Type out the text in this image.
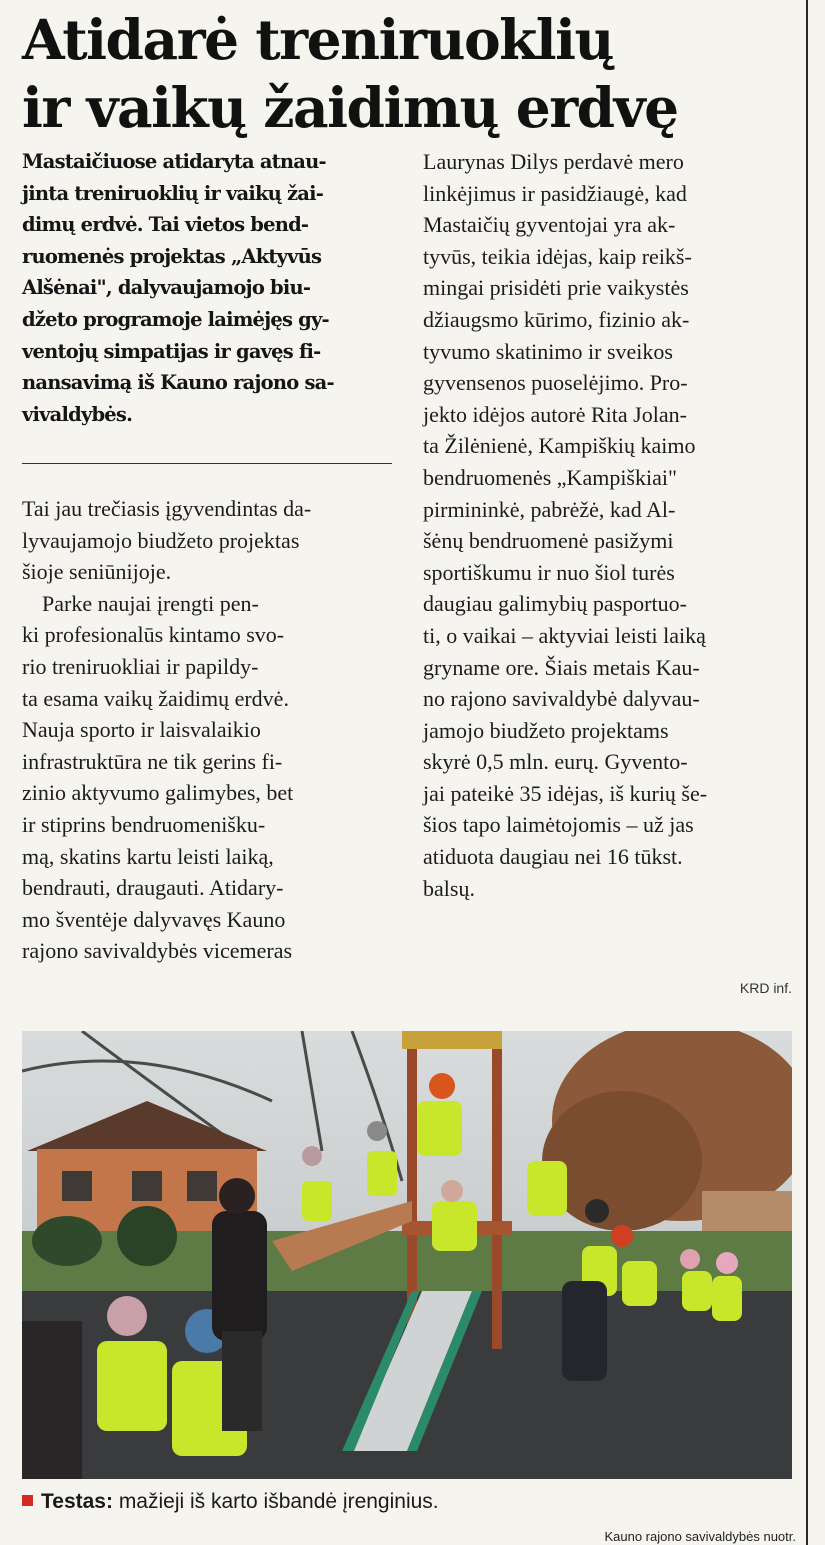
Atidarė treniruoklių
ir vaikų žaidimų erdvę
Mastaičiuose atidaryta atnau-
jinta treniruoklių ir vaikų žai-
dimų erdvė. Tai vietos bend-
ruomenės projektas „Aktyvūs
Alšėnai", dalyvaujamojo biu-
džeto programoje laimėjęs gy-
ventojų simpatijas ir gavęs fi-
nansavimą iš Kauno rajono sa-
vivaldybės.
Tai jau trečiasis įgyvendintas da-
lyvaujamojo biudžeto projektas
šioje seniūnijoje.
Parke naujai įrengti pen-
ki profesionalūs kintamo svo-
rio treniruokliai ir papildy-
ta esama vaikų žaidimų erdvė.
Nauja sporto ir laisvalaikio
infrastruktūra ne tik gerins fi-
zinio aktyvumo galimybes, bet
ir stiprins bendruomenišku-
mą, skatins kartu leisti laiką,
bendrauti, draugauti. Atidary-
mo šventėje dalyvavęs Kauno
rajono savivaldybės vicemeras
Laurynas Dilys perdavė mero
linkėjimus ir pasidžiaugė, kad
Mastaičių gyventojai yra ak-
tyvūs, teikia idėjas, kaip reikš-
mingai prisidėti prie vaikystės
džiaugsmo kūrimo, fizinio ak-
tyvumo skatinimo ir sveikos
gyvensenos puoselėjimo. Pro-
jekto idėjos autorė Rita Jolan-
ta Žilėnienė, Kampiškių kaimo
bendruomenės „Kampiškiai"
pirmininkė, pabrėžė, kad Al-
šėnų bendruomenė pasižymi
sportiškumu ir nuo šiol turės
daugiau galimybių pasportuo-
ti, o vaikai – aktyviai leisti laiką
gryname ore. Šiais metais Kau-
no rajono savivaldybė dalyvau-
jamojo biudžeto projektams
skyrė 0,5 mln. eurų. Gyvento-
jai pateikė 35 idėjas, iš kurių še-
šios tapo laimėtojomis – už jas
atiduota daugiau nei 16 tūkst.
balsų.
KRD inf.
Testas: mažieji iš karto išbandė įrenginius.
Kauno rajono savivaldybės nuotr.
